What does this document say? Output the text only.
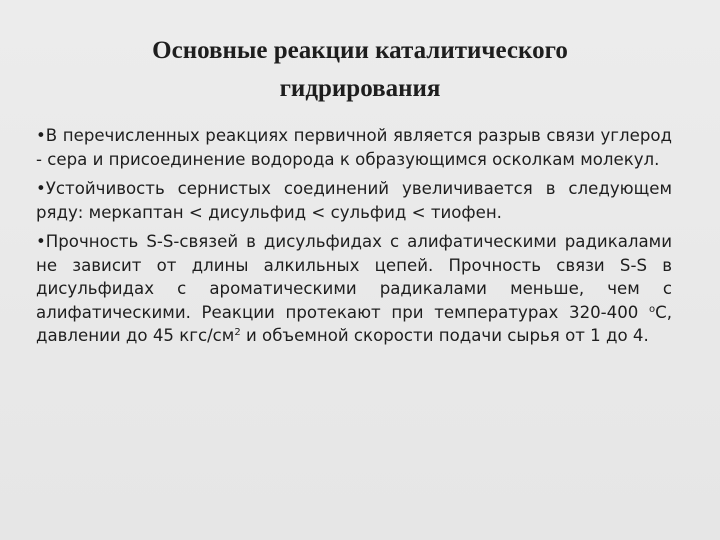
Основные реакции каталитического
гидрирования
•В перечисленных реакциях первичной является разрыв связи углерод - сера и присоединение водорода к образующимся осколкам молекул.
•Устойчивость сернистых соединений увеличивается в следующем ряду: меркаптан < дисульфид < сульфид < тиофен.
•Прочность S-S-связей в дисульфидах с алифатическими радикалами не зависит от длины алкильных цепей. Прочность связи S-S в дисульфидах с ароматическими радикалами меньше, чем с алифатическими. Реакции протекают при температурах 320-400 $^о$С, давлении до 45 кгс/$см^2$ и объемной скорости подачи сырья от 1 до 4.
